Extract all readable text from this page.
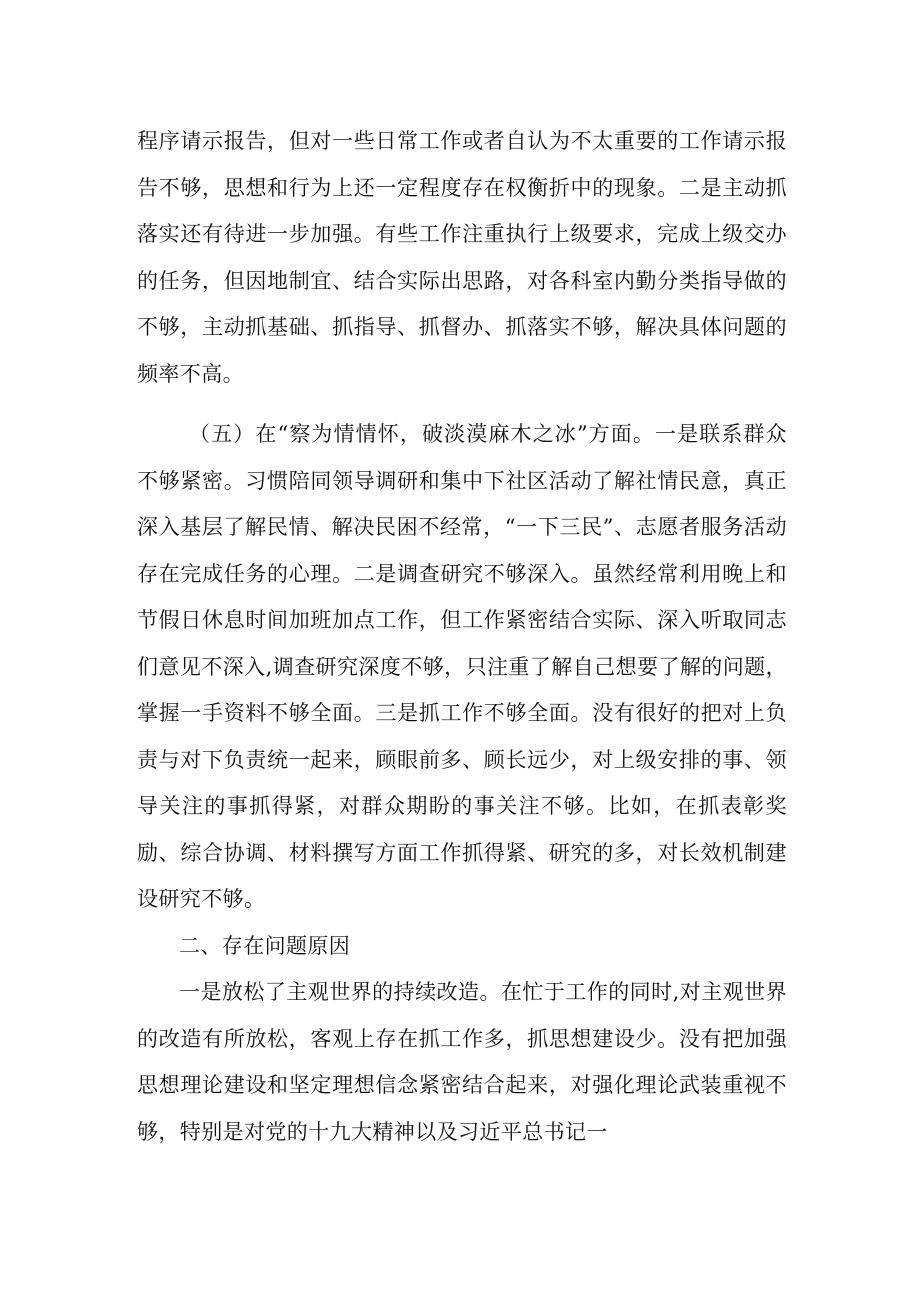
程序请示报告，但对一些日常工作或者自认为不太重要的工作请示报告不够，思想和行为上还一定程度存在权衡折中的现象。二是主动抓落实还有待进一步加强。有些工作注重执行上级要求，完成上级交办的任务，但因地制宜、结合实际出思路，对各科室内勤分类指导做的不够，主动抓基础、抓指导、抓督办、抓落实不够，解决具体问题的频率不高。

（五）在“察为情情怀，破淡漠麻木之冰”方面。一是联系群众不够紧密。习惯陪同领导调研和集中下社区活动了解社情民意，真正深入基层了解民情、解决民困不经常，“一下三民”、志愿者服务活动存在完成任务的心理。二是调查研究不够深入。虽然经常利用晚上和节假日休息时间加班加点工作，但工作紧密结合实际、深入听取同志们意见不深入,调查研究深度不够，只注重了解自己想要了解的问题，掌握一手资料不够全面。三是抓工作不够全面。没有很好的把对上负责与对下负责统一起来，顾眼前多、顾长远少，对上级安排的事、领导关注的事抓得紧，对群众期盼的事关注不够。比如，在抓表彰奖励、综合协调、材料撰写方面工作抓得紧、研究的多，对长效机制建设研究不够。

二、存在问题原因

一是放松了主观世界的持续改造。在忙于工作的同时,对主观世界的改造有所放松，客观上存在抓工作多，抓思想建设少。没有把加强思想理论建设和坚定理想信念紧密结合起来，对强化理论武装重视不够，特别是对党的十九大精神以及习近平总书记一
